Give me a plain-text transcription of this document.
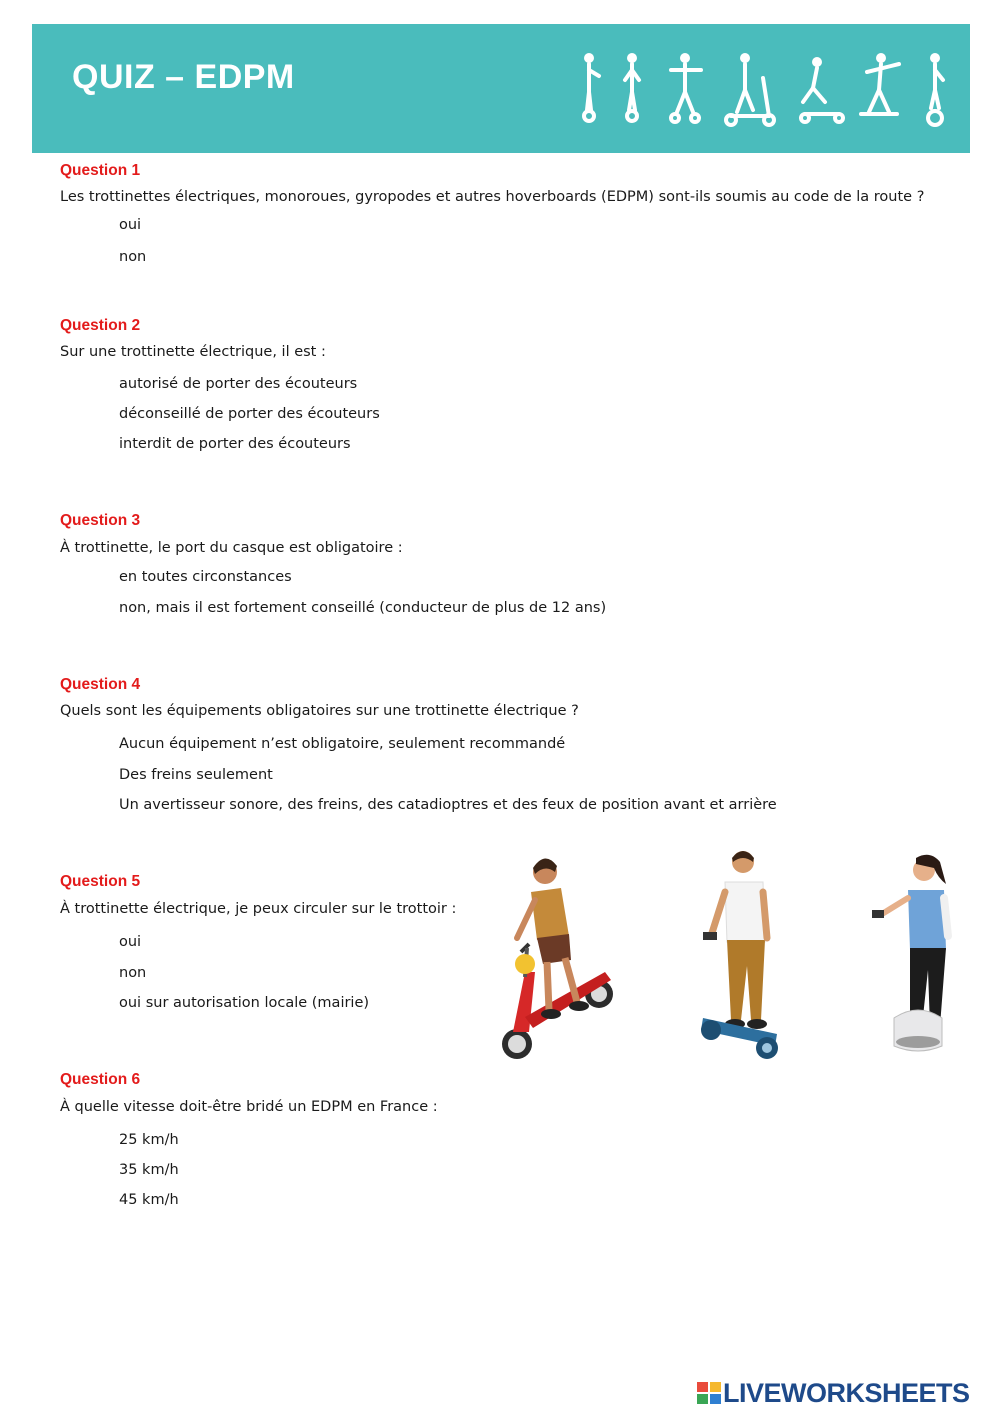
QUIZ – EDPM
Question 1
Les trottinettes électriques, monoroues, gyropodes et autres hoverboards (EDPM) sont-ils soumis au code de la route ?
oui
non
Question 2
Sur une trottinette électrique, il est :
autorisé de porter des écouteurs
déconseillé de porter des écouteurs
interdit de porter des écouteurs
Question 3
À trottinette, le port du casque est obligatoire :
en toutes circonstances
non, mais il est fortement conseillé (conducteur de plus de 12 ans)
Question 4
Quels sont les équipements obligatoires sur une trottinette électrique ?
Aucun équipement n’est obligatoire, seulement recommandé
Des freins seulement
Un avertisseur sonore, des freins, des catadioptres et des feux de position avant et arrière
Question 5
À trottinette électrique, je peux circuler sur le trottoir :
oui
non
oui sur autorisation locale (mairie)
Question 6
À quelle vitesse doit-être bridé un EDPM en France :
25 km/h
35 km/h
45 km/h
LIVEWORKSHEETS
